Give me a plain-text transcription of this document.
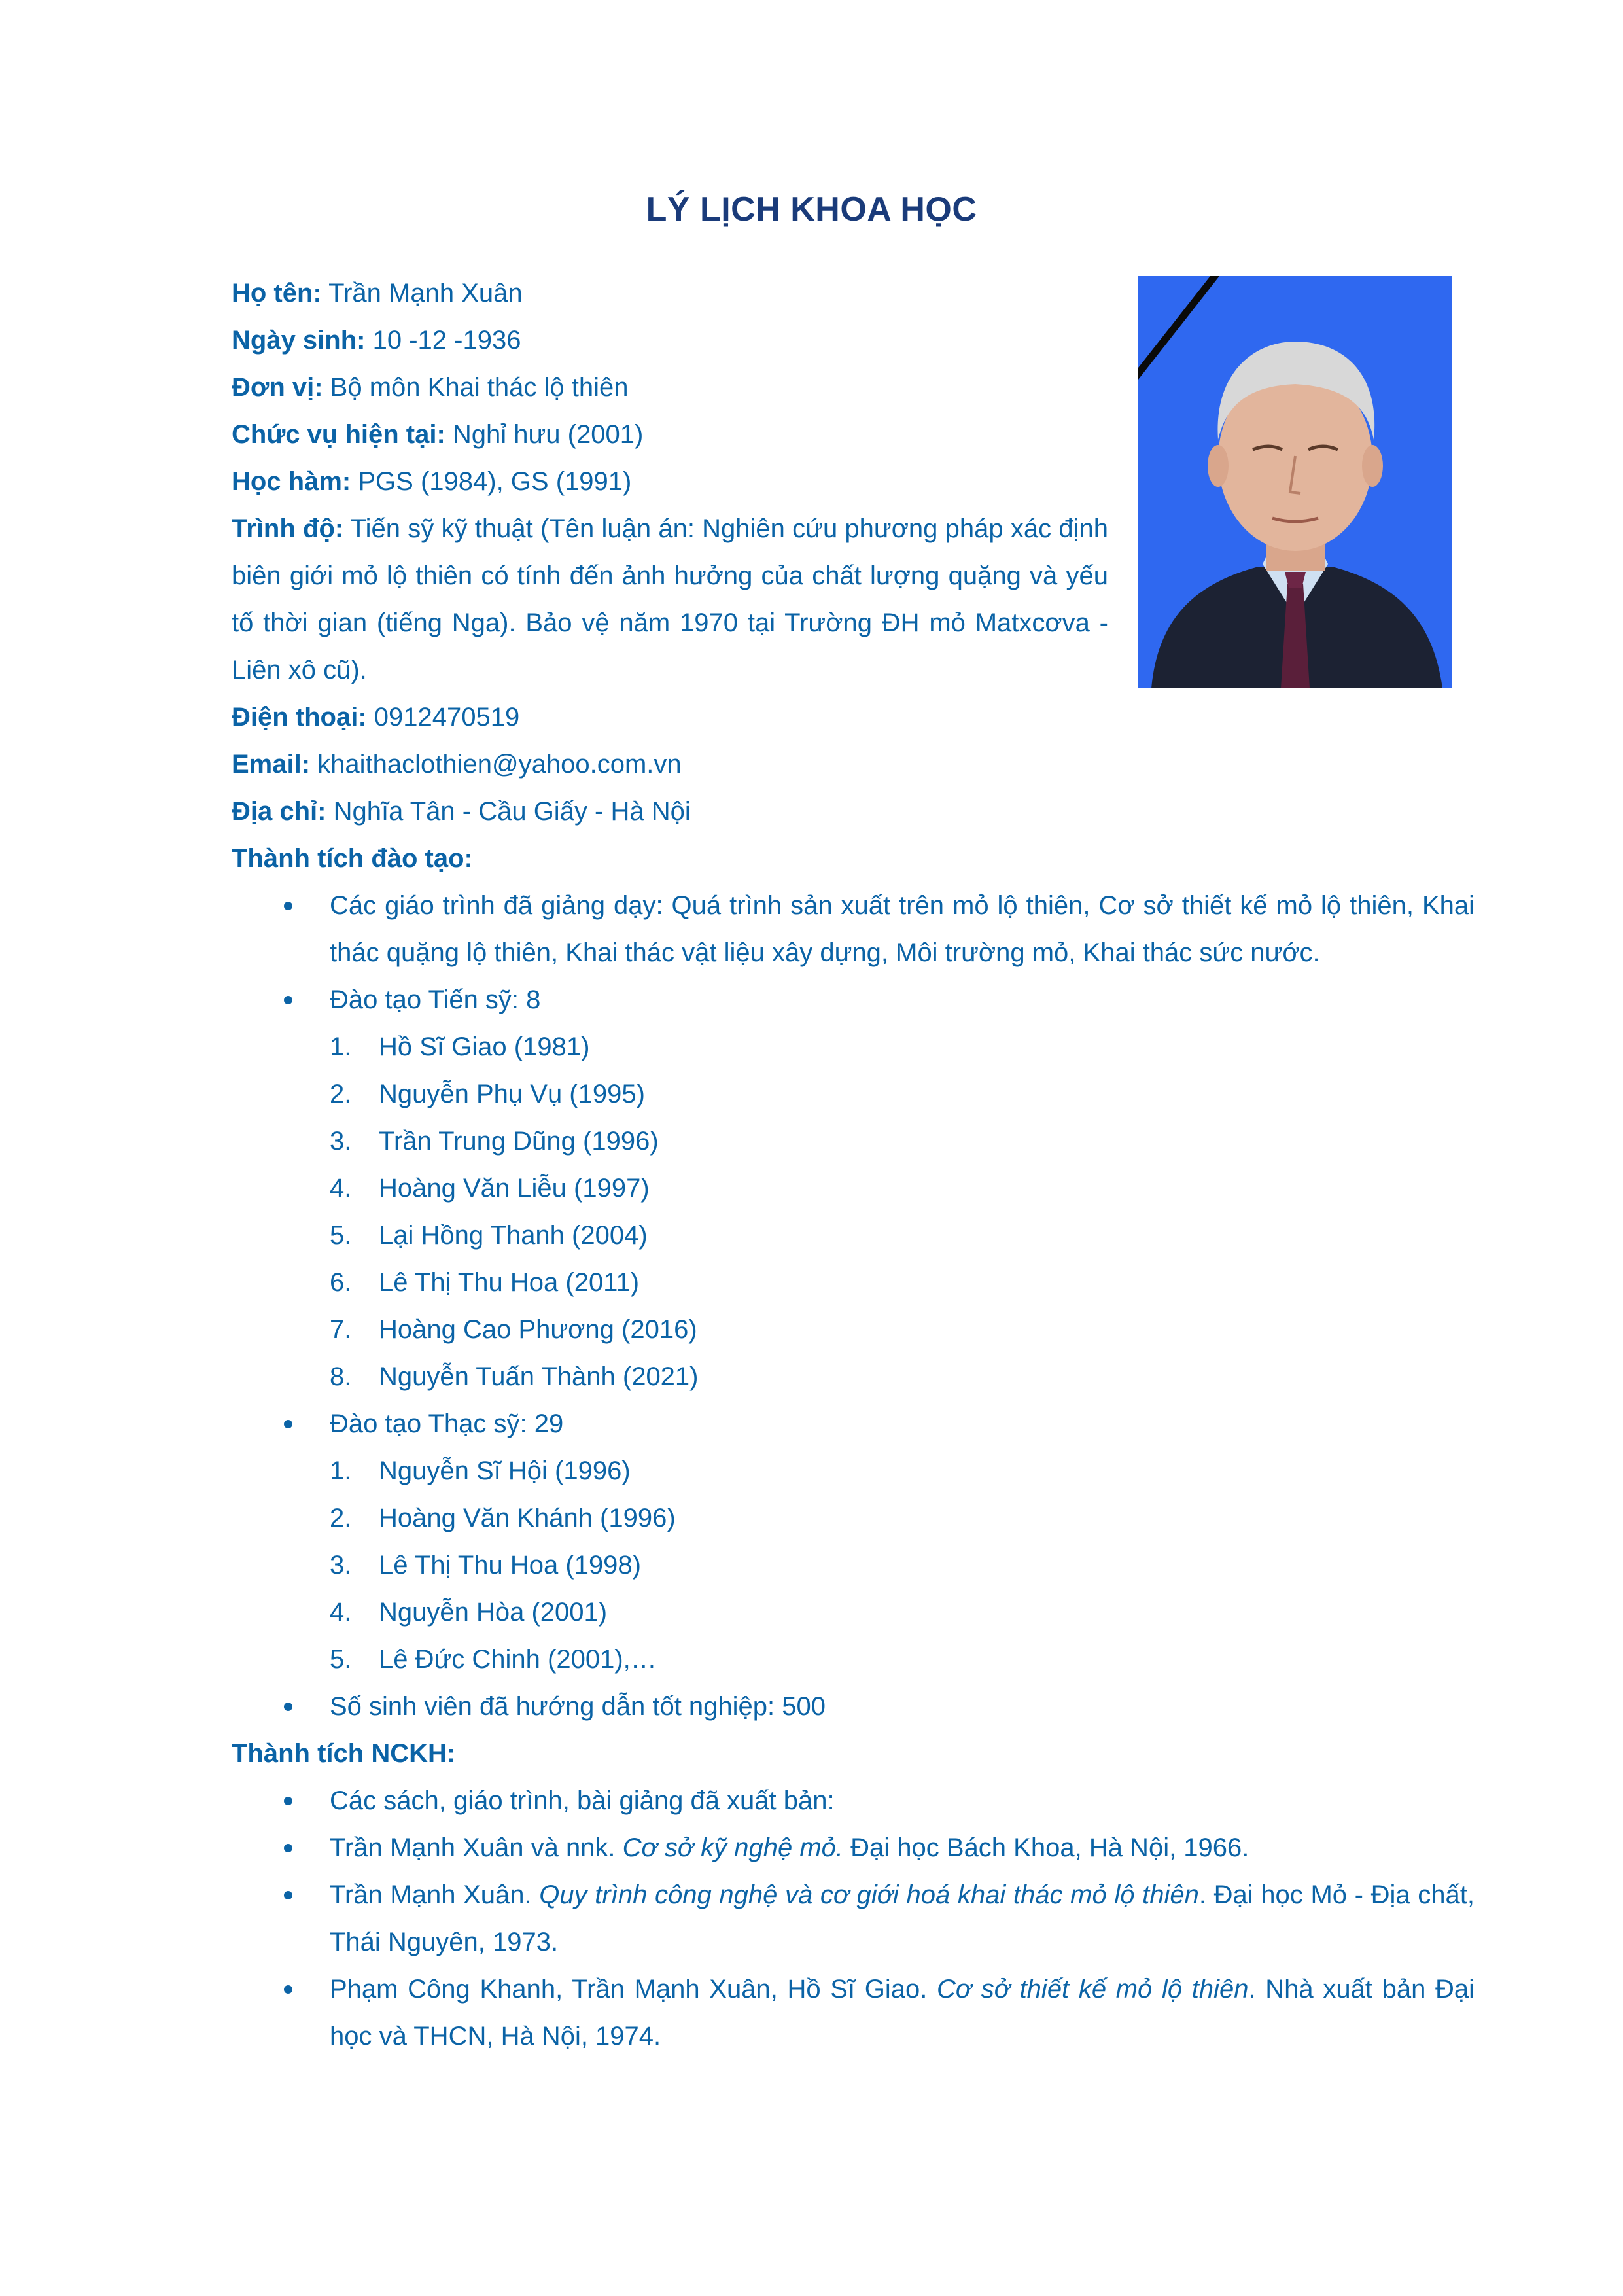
LÝ LỊCH KHOA HỌC

Họ tên: Trần Mạnh Xuân

Ngày sinh: 10 -12 -1936

Đơn vị: Bộ môn Khai thác lộ thiên

Chức vụ hiện tại: Nghỉ hưu (2001)

Học hàm: PGS (1984), GS (1991)

Trình độ: Tiến sỹ kỹ thuật (Tên luận án: Nghiên cứu phương pháp xác định biên giới mỏ lộ thiên có tính đến ảnh hưởng của chất lượng quặng và yếu tố thời gian (tiếng Nga). Bảo vệ năm 1970 tại Trường ĐH mỏ Matxcơva - Liên xô cũ).

Điện thoại: 0912470519

Email: khaithaclothien@yahoo.com.vn

Địa chỉ: Nghĩa Tân - Cầu Giấy - Hà Nội

Thành tích đào tạo:

Các giáo trình đã giảng dạy: Quá trình sản xuất trên mỏ lộ thiên, Cơ sở thiết kế mỏ lộ thiên, Khai thác quặng lộ thiên, Khai thác vật liệu xây dựng, Môi trường mỏ, Khai thác sức nước.
Đào tạo Tiến sỹ: 8
1. Hồ Sĩ Giao (1981)
2. Nguyễn Phụ Vụ (1995)
3. Trần Trung Dũng (1996)
4. Hoàng Văn Liễu (1997)
5. Lại Hồng Thanh (2004)
6. Lê Thị Thu Hoa (2011)
7. Hoàng Cao Phương (2016)
8. Nguyễn Tuấn Thành (2021)
Đào tạo Thạc sỹ: 29
1. Nguyễn Sĩ Hội (1996)
2. Hoàng Văn Khánh (1996)
3. Lê Thị Thu Hoa (1998)
4. Nguyễn Hòa (2001)
5. Lê Đức Chinh (2001),…
Số sinh viên đã hướng dẫn tốt nghiệp: 500

Thành tích NCKH:

Các sách, giáo trình, bài giảng đã xuất bản:
Trần Mạnh Xuân và nnk. Cơ sở kỹ nghệ mỏ. Đại học Bách Khoa, Hà Nội, 1966.
Trần Mạnh Xuân. Quy trình công nghệ và cơ giới hoá khai thác mỏ lộ thiên. Đại học Mỏ - Địa chất, Thái Nguyên, 1973.
Phạm Công Khanh, Trần Mạnh Xuân, Hồ Sĩ Giao. Cơ sở thiết kế mỏ lộ thiên. Nhà xuất bản Đại học và THCN, Hà Nội, 1974.
